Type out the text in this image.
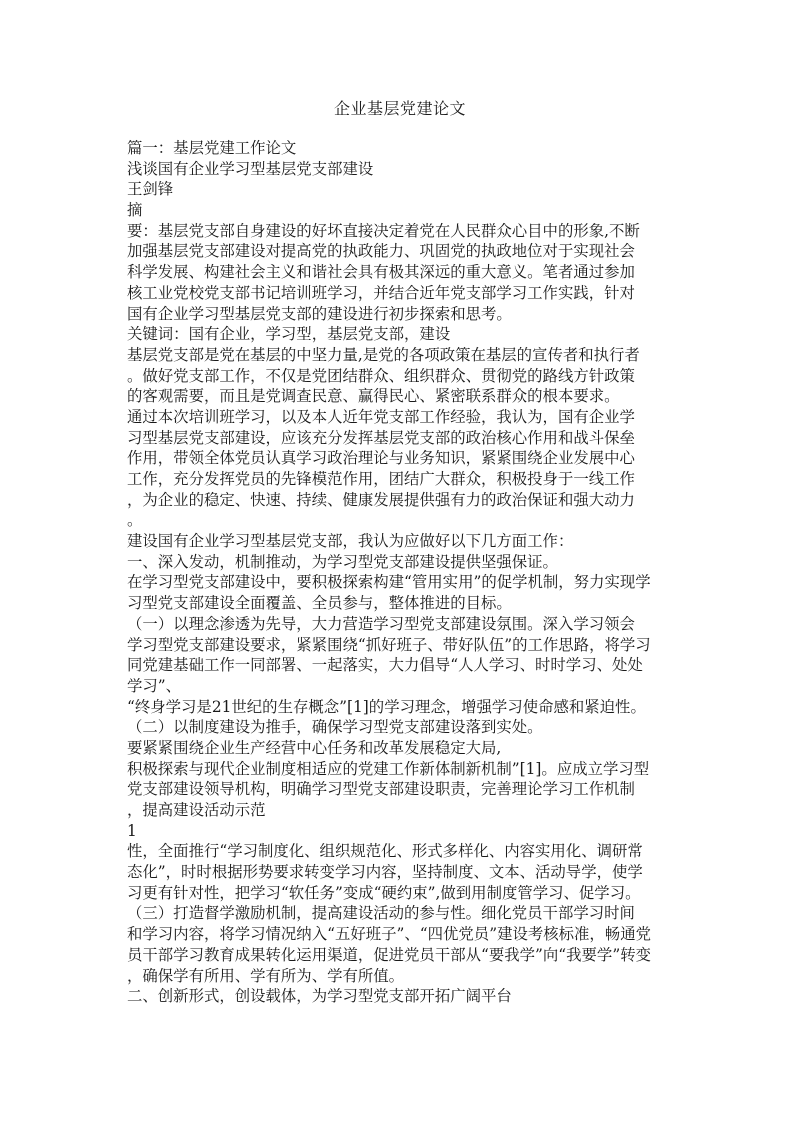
企业基层党建论文
篇一：基层党建工作论文
浅谈国有企业学习型基层党支部建设
王剑锋
摘
要：基层党支部自身建设的好坏直接决定着党在人民群众心目中的形象,不断
加强基层党支部建设对提高党的执政能力、巩固党的执政地位对于实现社会
科学发展、构建社会主义和谐社会具有极其深远的重大意义。笔者通过参加
核工业党校党支部书记培训班学习，并结合近年党支部学习工作实践，针对
国有企业学习型基层党支部的建设进行初步探索和思考。
关键词：国有企业，学习型，基层党支部，建设
基层党支部是党在基层的中坚力量,是党的各项政策在基层的宣传者和执行者
。做好党支部工作，不仅是党团结群众、组织群众、贯彻党的路线方针政策
的客观需要，而且是党调查民意、赢得民心、紧密联系群众的根本要求。
通过本次培训班学习，以及本人近年党支部工作经验，我认为，国有企业学
习型基层党支部建设，应该充分发挥基层党支部的政治核心作用和战斗保垒
作用，带领全体党员认真学习政治理论与业务知识，紧紧围绕企业发展中心
工作，充分发挥党员的先锋模范作用，团结广大群众，积极投身于一线工作
，为企业的稳定、快速、持续、健康发展提供强有力的政治保证和强大动力
。
建设国有企业学习型基层党支部，我认为应做好以下几方面工作：
一、深入发动，机制推动，为学习型党支部建设提供坚强保证。
在学习型党支部建设中，要积极探索构建“管用实用”的促学机制，努力实现学
习型党支部建设全面覆盖、全员参与，整体推进的目标。
（一）以理念渗透为先导，大力营造学习型党支部建设氛围。深入学习领会
学习型党支部建设要求，紧紧围绕“抓好班子、带好队伍”的工作思路，将学习
同党建基础工作一同部署、一起落实，大力倡导“人人学习、时时学习、处处
学习”、
“终身学习是21世纪的生存概念”[1]的学习理念，增强学习使命感和紧迫性。
（二）以制度建设为推手，确保学习型党支部建设落到实处。
要紧紧围绕企业生产经营中心任务和改革发展稳定大局,
积极探索与现代企业制度相适应的党建工作新体制新机制”[1]。应成立学习型
党支部建设领导机构，明确学习型党支部建设职责，完善理论学习工作机制
，提高建设活动示范
1
性，全面推行“学习制度化、组织规范化、形式多样化、内容实用化、调研常
态化”，时时根据形势要求转变学习内容，坚持制度、文本、活动导学，使学
习更有针对性，把学习“软任务”变成“硬约束”,做到用制度管学习、促学习。
（三）打造督学激励机制，提高建设活动的参与性。细化党员干部学习时间
和学习内容，将学习情况纳入“五好班子”、“四优党员”建设考核标准，畅通党
员干部学习教育成果转化运用渠道，促进党员干部从“要我学”向“我要学”转变
，确保学有所用、学有所为、学有所值。
二、创新形式，创设载体，为学习型党支部开拓广阔平台
